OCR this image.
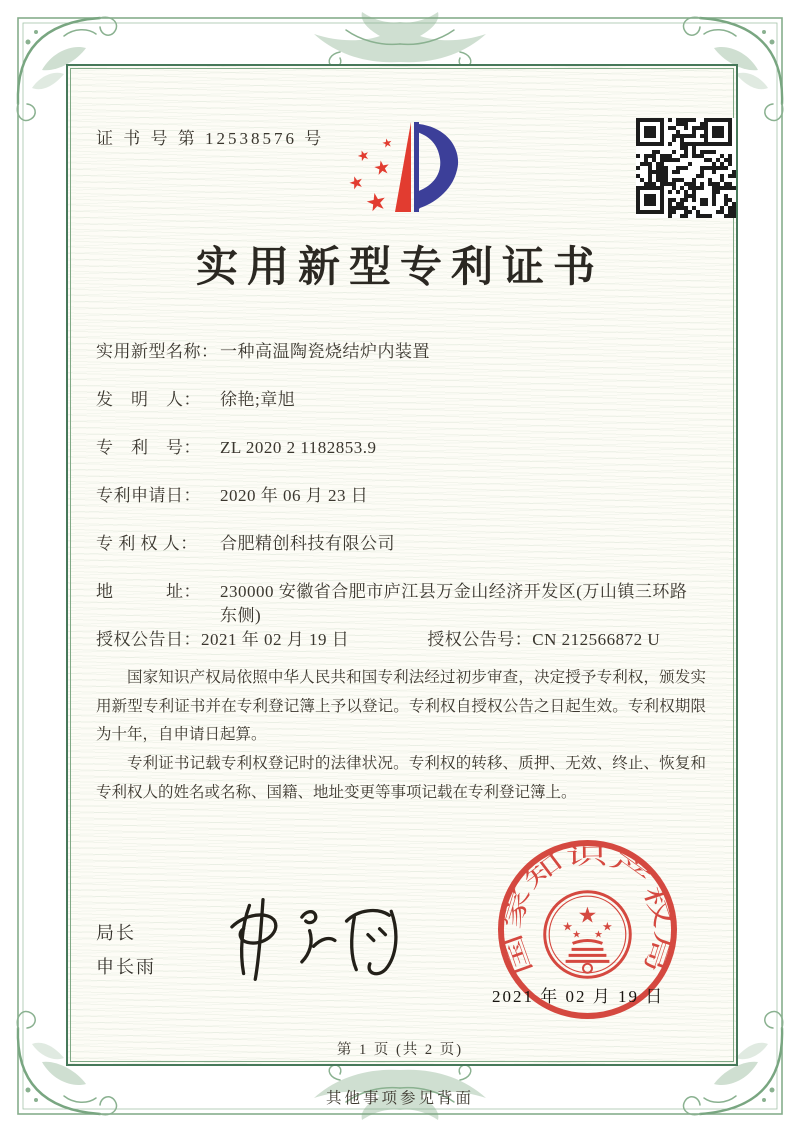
证 书 号 第 12538576 号
★
★
★
★
★
实用新型专利证书
实用新型名称：一种高温陶瓷烧结炉内装置
发　明　人： 徐艳;章旭
专　利　号： ZL 2020 2 1182853.9
专利申请日： 2020 年 06 月 23 日
专 利 权 人： 合肥精创科技有限公司
地　　　址： 230000 安徽省合肥市庐江县万金山经济开发区(万山镇三环路东侧)
授权公告日：2021 年 02 月 19 日	授权公告号：CN 212566872 U

国家知识产权局依照中华人民共和国专利法经过初步审查，决定授予专利权，颁发实用新型专利证书并在专利登记簿上予以登记。专利权自授权公告之日起生效。专利权期限为十年，自申请日起算。

专利证书记载专利权登记时的法律状况。专利权的转移、质押、无效、终止、恢复和专利权人的姓名或名称、国籍、地址变更等事项记载在专利登记簿上。

局长
申长雨	国家知识产权局
★
★ ★
★ ★
2021 年 02 月 19 日
第 1 页 (共 2 页)
其他事项参见背面
